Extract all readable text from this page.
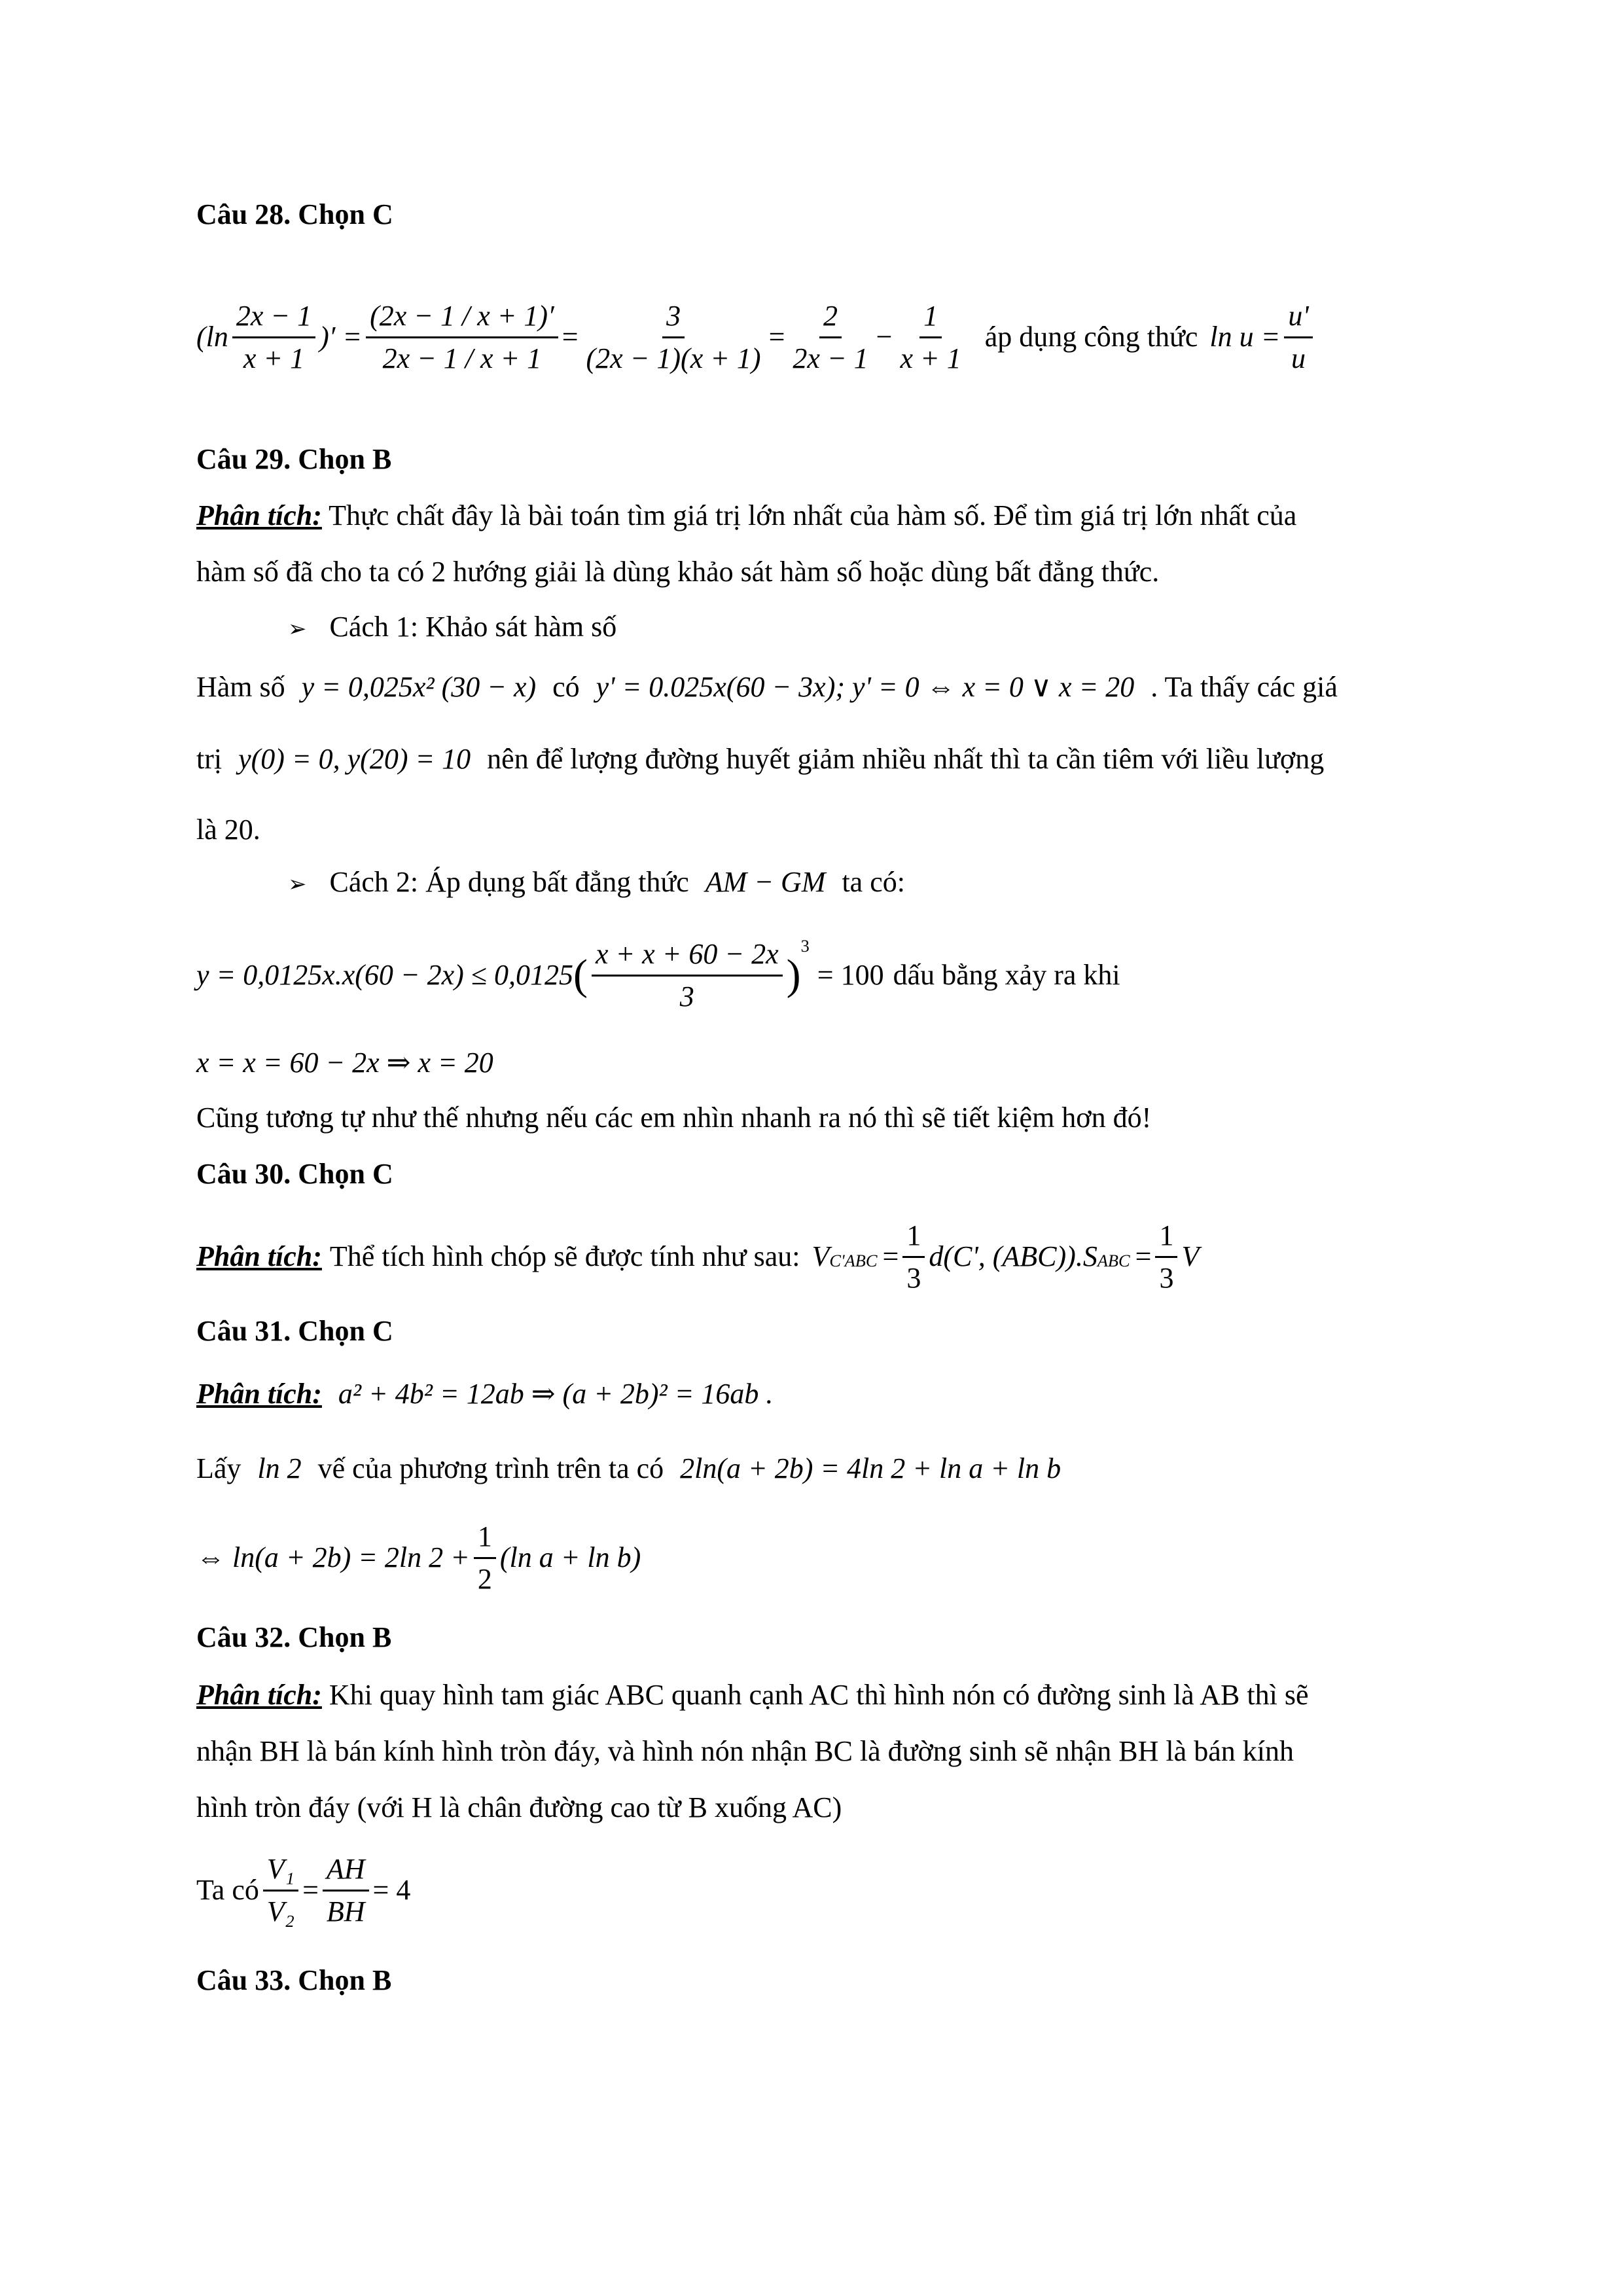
Câu 28. Chọn C
($\ln \frac{2x - 1}{x + 1}$ )′ = $\frac{(2x - 1 / x + 1)'}{2x - 1 / x + 1} = \frac{3}{(2x - 1)(x + 1)} = \frac{2}{2x - 1} - \frac{1}{x + 1}$ áp dụng công thức $\ln u = \frac{u'}{u}$
Câu 29. Chọn B
Phân tích: Thực chất đây là bài toán tìm giá trị lớn nhất của hàm số. Để tìm giá trị lớn nhất của
hàm số đã cho ta có 2 hướng giải là dùng khảo sát hàm số hoặc dùng bất đẳng thức.
➢ Cách 1: Khảo sát hàm số
Hàm số y = 0,025x² (30 − x) có y' = 0.025x(60 − 3x); y' = 0 ⇔ x = 0 ∨ x = 20 . Ta thấy các giá
trị y(0) = 0, y(20) = 10 nên để lượng đường huyết giảm nhiều nhất thì ta cần tiêm với liều lượng
là 20.
➢ Cách 2: Áp dụng bất đẳng thức AM − GM ta có:
y = 0,0125x.x(60 − 2x) ≤ 0,0125 ( $\frac{x + x + 60 - 2x}{3}$ )
$^3$
= 100 dấu bằng xảy ra khi
x = x = 60 − 2x ⇒ x = 20
Cũng tương tự như thế nhưng nếu các em nhìn nhanh ra nó thì sẽ tiết kiệm hơn đó!
Câu 30. Chọn C
Phân tích: Thể tích hình chóp sẽ được tính như sau: V $C'ABC = \frac{1}{3} d(C'$, (ABC)).S ABC = $\frac{1}{3}$ V
Câu 31. Chọn C
Phân tích: a² + 4b² = 12ab ⇒ (a + 2b)² = 16ab .
Lấy ln 2 vế của phương trình trên ta có 2ln(a + 2b) = 4ln 2 + ln a + ln b
⇔ ln(a + 2b) = 2ln $2 + \frac{1}{2} (\ln$ a + ln b)
Câu 32. Chọn B
Phân tích: Khi quay hình tam giác ABC quanh cạnh AC thì hình nón có đường sinh là AB thì sẽ
nhận BH là bán kính hình tròn đáy, và hình nón nhận BC là đường sinh sẽ nhận BH là bán kính
hình tròn đáy (với H là chân đường cao từ B xuống AC)
Ta có $\frac{\text{V₁}}{\text{V₂}} = \frac{AH}{BH} = 4$
Câu 33. Chọn B
